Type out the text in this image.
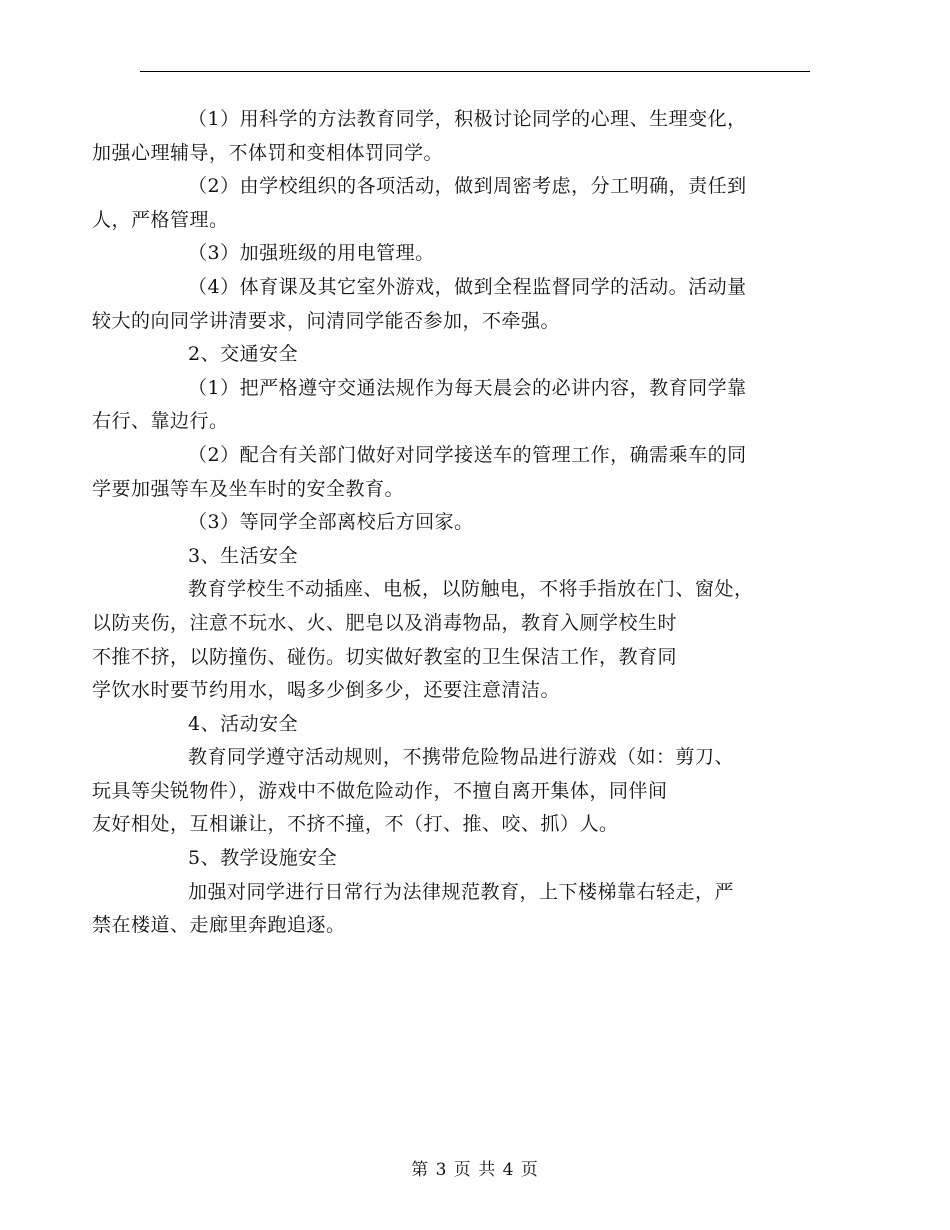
（1）用科学的方法教育同学，积极讨论同学的心理、生理变化，
加强心理辅导，不体罚和变相体罚同学。

（2）由学校组织的各项活动，做到周密考虑，分工明确，责任到
人，严格管理。

（3）加强班级的用电管理。

（4）体育课及其它室外游戏，做到全程监督同学的活动。活动量
较大的向同学讲清要求，问清同学能否参加，不牵强。

2、交通安全

（1）把严格遵守交通法规作为每天晨会的必讲内容，教育同学靠
右行、靠边行。

（2）配合有关部门做好对同学接送车的管理工作，确需乘车的同
学要加强等车及坐车时的安全教育。

（3）等同学全部离校后方回家。

3、生活安全

教育学校生不动插座、电板，以防触电，不将手指放在门、窗处，
以防夹伤，注意不玩水、火、肥皂以及消毒物品，教育入厕学校生时
不推不挤，以防撞伤、碰伤。切实做好教室的卫生保洁工作，教育同
学饮水时要节约用水，喝多少倒多少，还要注意清洁。

4、活动安全

教育同学遵守活动规则，不携带危险物品进行游戏（如：剪刀、
玩具等尖锐物件），游戏中不做危险动作，不擅自离开集体，同伴间
友好相处，互相谦让，不挤不撞，不（打、推、咬、抓）人。

5、教学设施安全

加强对同学进行日常行为法律规范教育，上下楼梯靠右轻走，严
禁在楼道、走廊里奔跑追逐。

第 3 页 共 4 页
